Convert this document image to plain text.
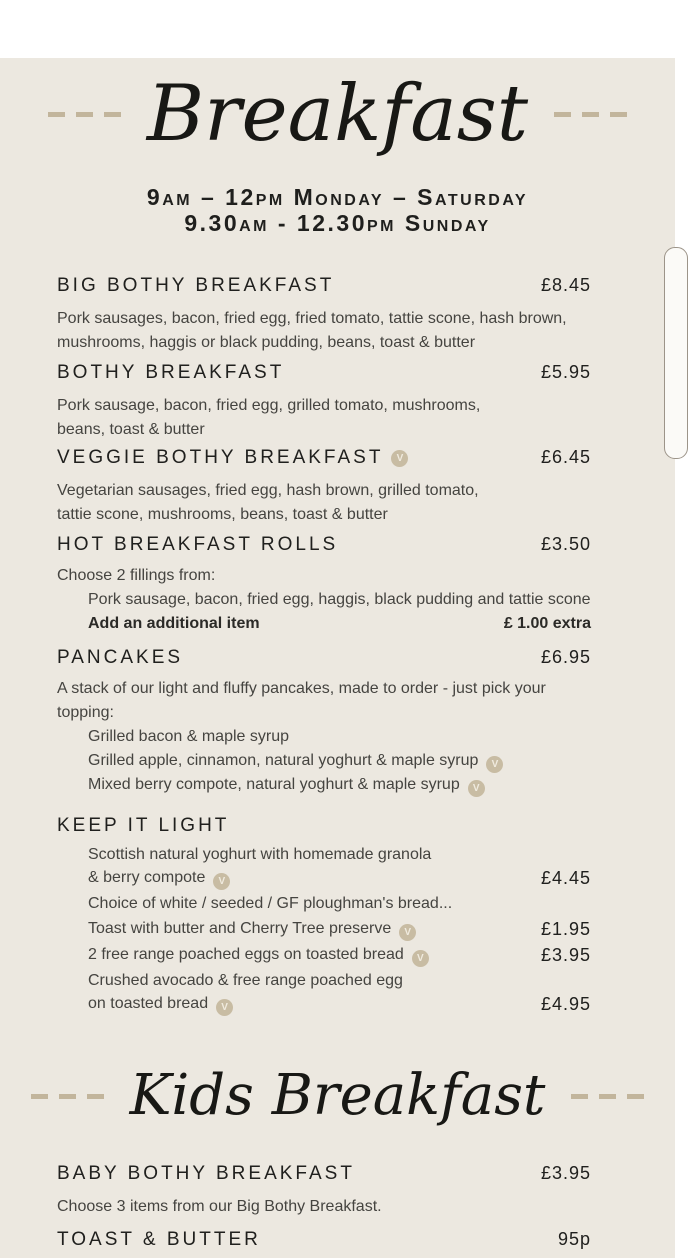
Breakfast
9am – 12pm Monday – Saturday
9.30am - 12.30pm Sunday
BIG BOTHY BREAKFAST	£8.45
Pork sausages, bacon, fried egg, fried tomato, tattie scone, hash brown,
mushrooms, haggis or black pudding, beans, toast & butter
BOTHY BREAKFAST	£5.95
Pork sausage, bacon, fried egg, grilled tomato, mushrooms,
beans, toast & butter
VEGGIE BOTHY BREAKFAST	V	£6.45
Vegetarian sausages, fried egg, hash brown, grilled tomato,
tattie scone, mushrooms, beans, toast & butter
HOT BREAKFAST ROLLS	£3.50
Choose 2 fillings from:
Pork sausage, bacon, fried egg, haggis, black pudding and tattie scone
Add an additional item	£ 1.00 extra
PANCAKES	£6.95
A stack of our light and fluffy pancakes, made to order - just pick your topping:
Grilled bacon & maple syrup
Grilled apple, cinnamon, natural yoghurt & maple syrup V
Mixed berry compote, natural yoghurt & maple syrup V
KEEP IT LIGHT
Scottish natural yoghurt with homemade granola
& berry compote V	£4.45
Choice of white / seeded / GF ploughman's bread...
Toast with butter and Cherry Tree preserve V	£1.95
2 free range poached eggs on toasted bread V	£3.95
Crushed avocado & free range poached egg
on toasted bread V	£4.95
Kids Breakfast
BABY BOTHY BREAKFAST	£3.95
Choose 3 items from our Big Bothy Breakfast.
TOAST & BUTTER	95p
